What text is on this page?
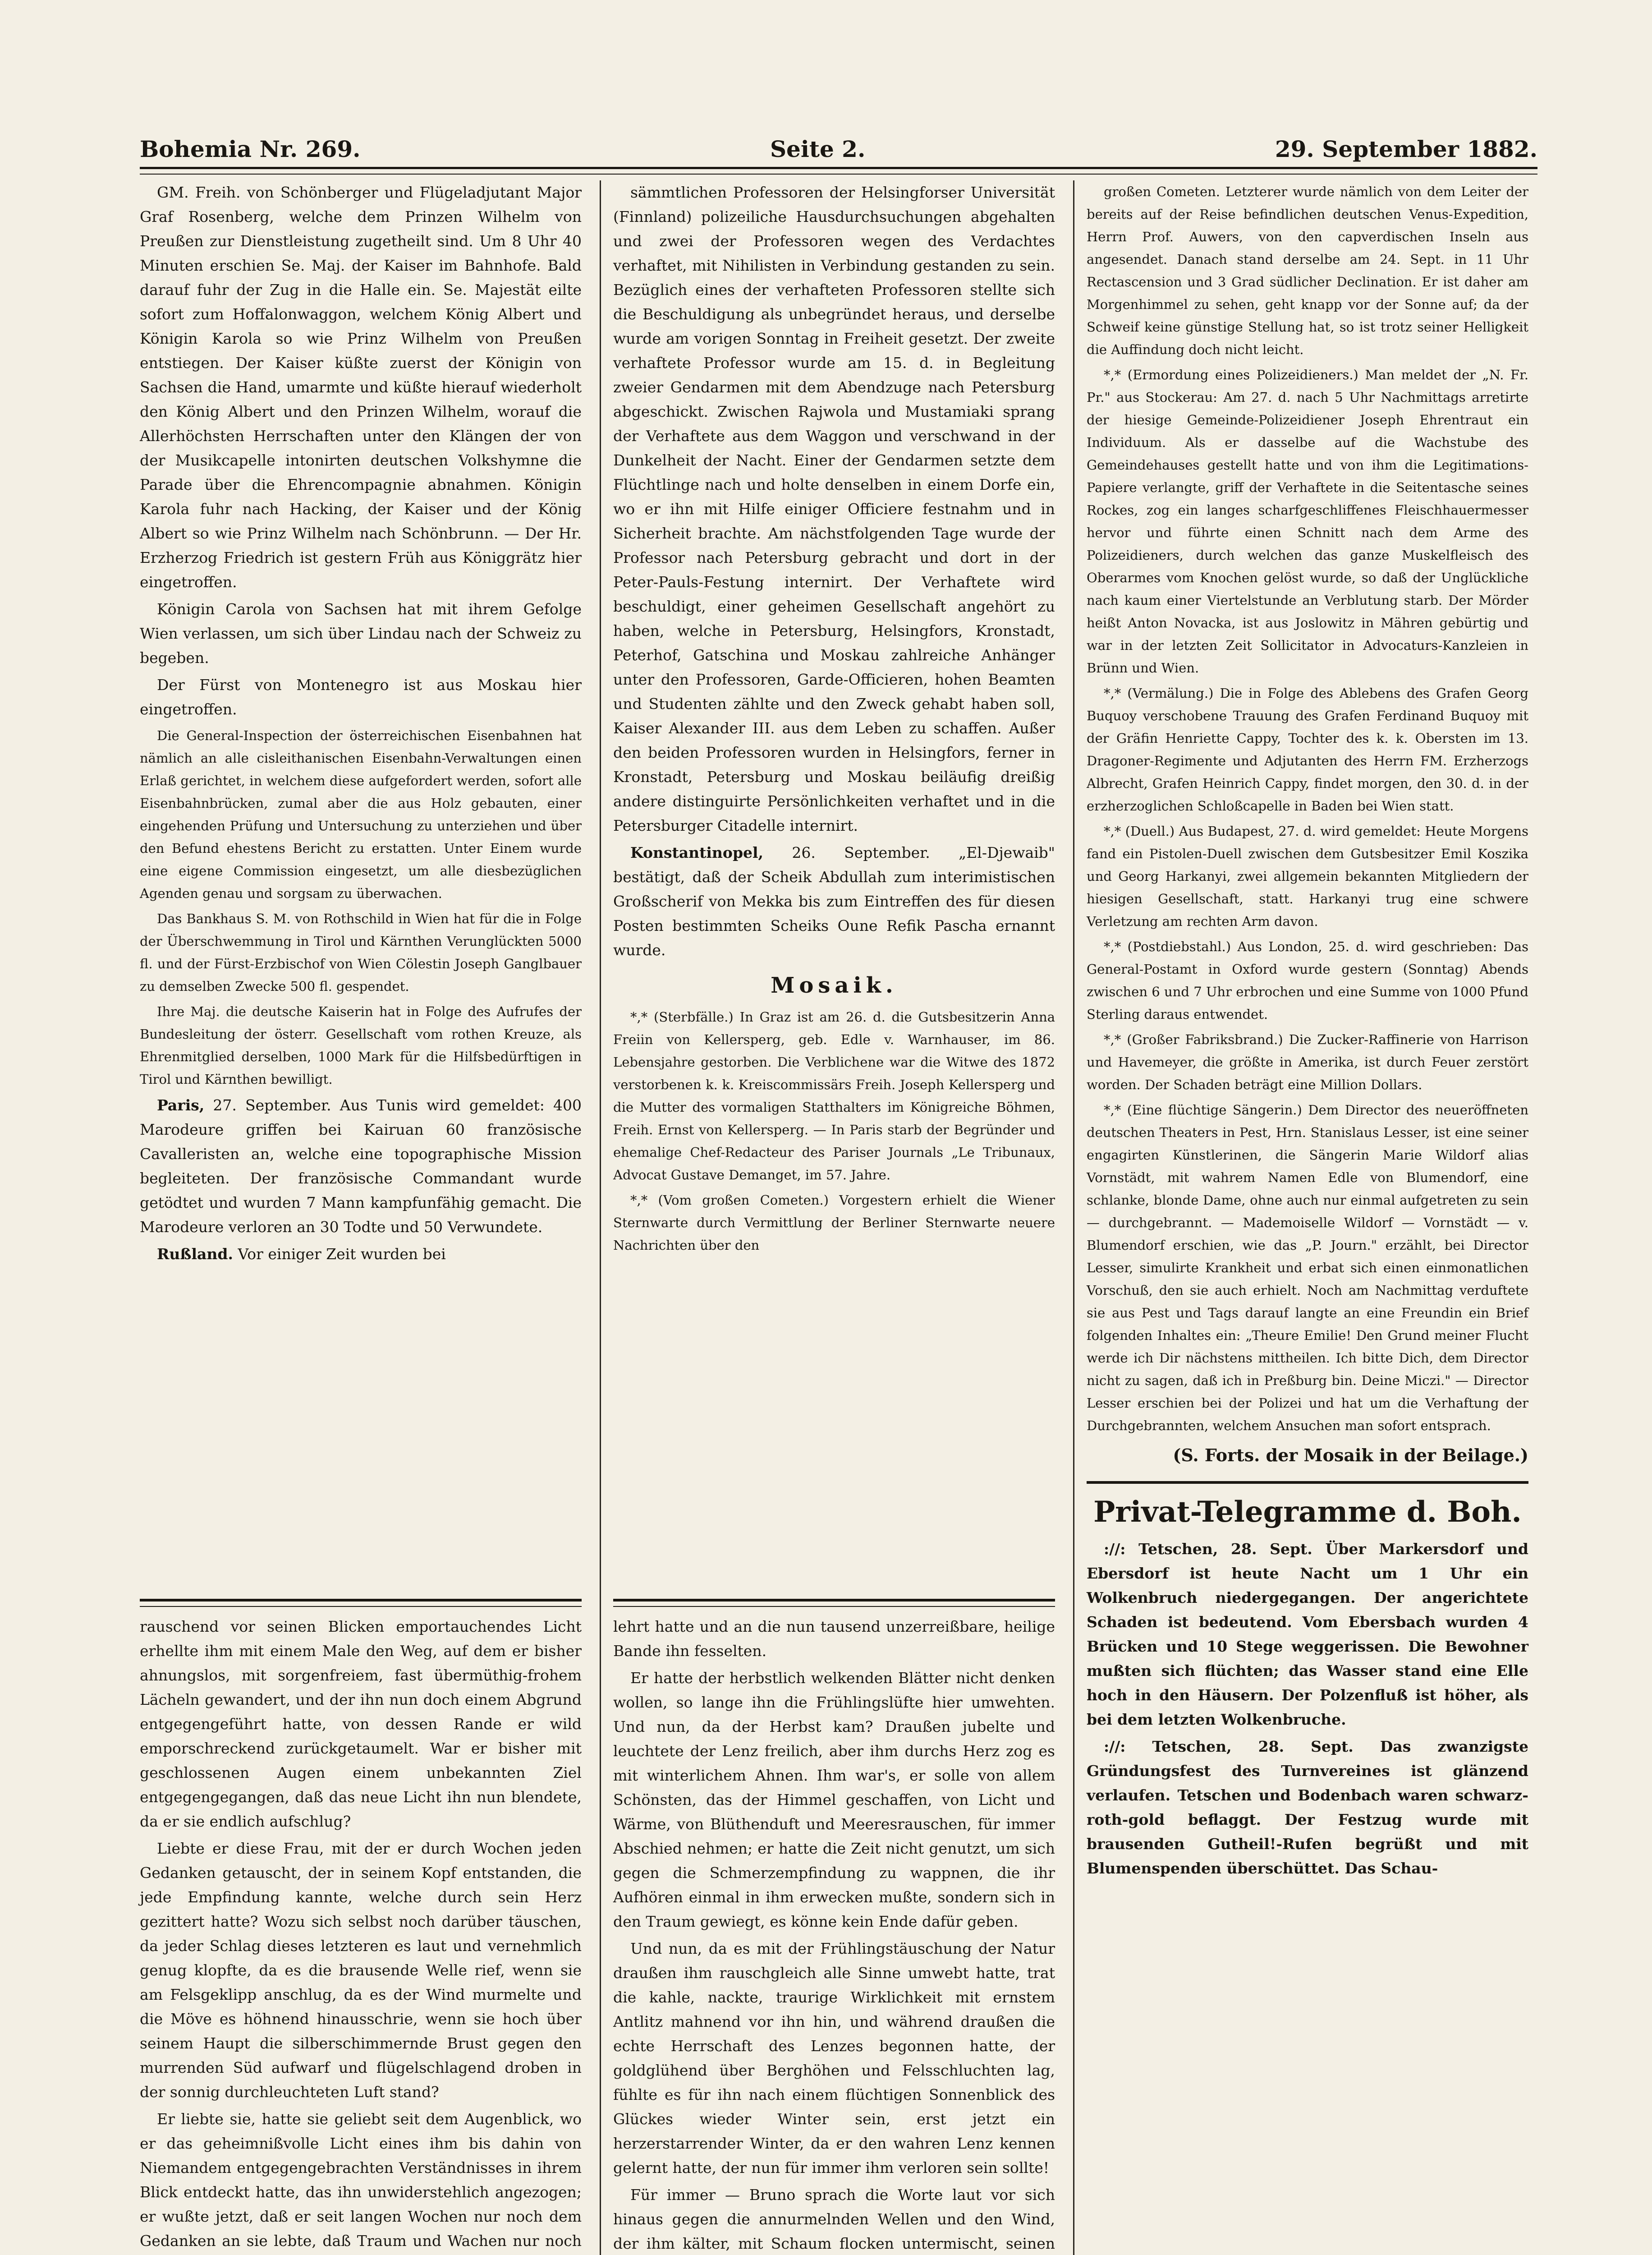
Bohemia Nr. 269.	Seite 2.	29. September 1882.

GM. Freih. von Schönberger und Flügeladjutant Major Graf Rosenberg, welche dem Prinzen Wilhelm von Preußen zur Dienstleistung zugetheilt sind. Um 8 Uhr 40 Minuten erschien Se. Maj. der Kaiser im Bahnhofe. Bald darauf fuhr der Zug in die Halle ein. Se. Majestät eilte sofort zum Hoffalonwaggon, welchem König Albert und Königin Karola so wie Prinz Wilhelm von Preußen entstiegen. Der Kaiser küßte zuerst der Königin von Sachsen die Hand, umarmte und küßte hierauf wiederholt den König Albert und den Prinzen Wilhelm, worauf die Allerhöchsten Herrschaften unter den Klängen der von der Musikcapelle intonirten deutschen Volkshymne die Parade über die Ehrencompagnie abnahmen. Königin Karola fuhr nach Hacking, der Kaiser und der König Albert so wie Prinz Wilhelm nach Schönbrunn. — Der Hr. Erzherzog Friedrich ist gestern Früh aus Königgrätz hier eingetroffen.

Königin Carola von Sachsen hat mit ihrem Gefolge Wien verlassen, um sich über Lindau nach der Schweiz zu begeben.

Der Fürst von Montenegro ist aus Moskau hier eingetroffen.

Die General-Inspection der österreichischen Eisenbahnen hat nämlich an alle cisleithanischen Eisenbahn-Verwaltungen einen Erlaß gerichtet, in welchem diese aufgefordert werden, sofort alle Eisenbahnbrücken, zumal aber die aus Holz gebauten, einer eingehenden Prüfung und Untersuchung zu unterziehen und über den Befund ehestens Bericht zu erstatten. Unter Einem wurde eine eigene Commission eingesetzt, um alle diesbezüglichen Agenden genau und sorgsam zu überwachen.

Das Bankhaus S. M. von Rothschild in Wien hat für die in Folge der Überschwemmung in Tirol und Kärnthen Verunglückten 5000 fl. und der Fürst-Erzbischof von Wien Cölestin Joseph Ganglbauer zu demselben Zwecke 500 fl. gespendet.

Ihre Maj. die deutsche Kaiserin hat in Folge des Aufrufes der Bundesleitung der österr. Gesellschaft vom rothen Kreuze, als Ehrenmitglied derselben, 1000 Mark für die Hilfsbedürftigen in Tirol und Kärnthen bewilligt.

Paris, 27. September. Aus Tunis wird gemeldet: 400 Marodeure griffen bei Kairuan 60 französische Cavalleristen an, welche eine topographische Mission begleiteten. Der französische Commandant wurde getödtet und wurden 7 Mann kampfunfähig gemacht. Die Marodeure verloren an 30 Todte und 50 Verwundete.

Rußland. Vor einiger Zeit wurden bei

sämmtlichen Professoren der Helsingforser Universität (Finnland) polizeiliche Hausdurchsuchungen abgehalten und zwei der Professoren wegen des Verdachtes verhaftet, mit Nihilisten in Verbindung gestanden zu sein. Bezüglich eines der verhafteten Professoren stellte sich die Beschuldigung als unbegründet heraus, und derselbe wurde am vorigen Sonntag in Freiheit gesetzt. Der zweite verhaftete Professor wurde am 15. d. in Begleitung zweier Gendarmen mit dem Abendzuge nach Petersburg abgeschickt. Zwischen Rajwola und Mustamiaki sprang der Verhaftete aus dem Waggon und verschwand in der Dunkelheit der Nacht. Einer der Gendarmen setzte dem Flüchtlinge nach und holte denselben in einem Dorfe ein, wo er ihn mit Hilfe einiger Officiere festnahm und in Sicherheit brachte. Am nächstfolgenden Tage wurde der Professor nach Petersburg gebracht und dort in der Peter-Pauls-Festung internirt. Der Verhaftete wird beschuldigt, einer geheimen Gesellschaft angehört zu haben, welche in Petersburg, Helsingfors, Kronstadt, Peterhof, Gatschina und Moskau zahlreiche Anhänger unter den Professoren, Garde-Officieren, hohen Beamten und Studenten zählte und den Zweck gehabt haben soll, Kaiser Alexander III. aus dem Leben zu schaffen. Außer den beiden Professoren wurden in Helsingfors, ferner in Kronstadt, Petersburg und Moskau beiläufig dreißig andere distinguirte Persönlichkeiten verhaftet und in die Petersburger Citadelle internirt.

Konstantinopel, 26. September. „El-Djewaib" bestätigt, daß der Scheik Abdullah zum interimistischen Großscherif von Mekka bis zum Eintreffen des für diesen Posten bestimmten Scheiks Oune Refik Pascha ernannt wurde.

Mosaik.

*,* (Sterbfälle.) In Graz ist am 26. d. die Gutsbesitzerin Anna Freiin von Kellersperg, geb. Edle v. Warnhauser, im 86. Lebensjahre gestorben. Die Verblichene war die Witwe des 1872 verstorbenen k. k. Kreiscommissärs Freih. Joseph Kellersperg und die Mutter des vormaligen Statthalters im Königreiche Böhmen, Freih. Ernst von Kellersperg. — In Paris starb der Begründer und ehemalige Chef-Redacteur des Pariser Journals „Le Tribunaux, Advocat Gustave Demanget, im 57. Jahre.

*,* (Vom großen Cometen.) Vorgestern erhielt die Wiener Sternwarte durch Vermittlung der Berliner Sternwarte neuere Nachrichten über den

großen Cometen. Letzterer wurde nämlich von dem Leiter der bereits auf der Reise befindlichen deutschen Venus-Expedition, Herrn Prof. Auwers, von den capverdischen Inseln aus angesendet. Danach stand derselbe am 24. Sept. in 11 Uhr Rectascension und 3 Grad südlicher Declination. Er ist daher am Morgenhimmel zu sehen, geht knapp vor der Sonne auf; da der Schweif keine günstige Stellung hat, so ist trotz seiner Helligkeit die Auffindung doch nicht leicht.

*,* (Ermordung eines Polizeidieners.) Man meldet der „N. Fr. Pr." aus Stockerau: Am 27. d. nach 5 Uhr Nachmittags arretirte der hiesige Gemeinde-Polizeidiener Joseph Ehrentraut ein Individuum. Als er dasselbe auf die Wachstube des Gemeindehauses gestellt hatte und von ihm die Legitimations-Papiere verlangte, griff der Verhaftete in die Seitentasche seines Rockes, zog ein langes scharfgeschliffenes Fleischhauermesser hervor und führte einen Schnitt nach dem Arme des Polizeidieners, durch welchen das ganze Muskelfleisch des Oberarmes vom Knochen gelöst wurde, so daß der Unglückliche nach kaum einer Viertelstunde an Verblutung starb. Der Mörder heißt Anton Novacka, ist aus Joslowitz in Mähren gebürtig und war in der letzten Zeit Sollicitator in Advocaturs-Kanzleien in Brünn und Wien.

*,* (Vermälung.) Die in Folge des Ablebens des Grafen Georg Buquoy verschobene Trauung des Grafen Ferdinand Buquoy mit der Gräfin Henriette Cappy, Tochter des k. k. Obersten im 13. Dragoner-Regimente und Adjutanten des Herrn FM. Erzherzogs Albrecht, Grafen Heinrich Cappy, findet morgen, den 30. d. in der erzherzoglichen Schloßcapelle in Baden bei Wien statt.

*,* (Duell.) Aus Budapest, 27. d. wird gemeldet: Heute Morgens fand ein Pistolen-Duell zwischen dem Gutsbesitzer Emil Koszika und Georg Harkanyi, zwei allgemein bekannten Mitgliedern der hiesigen Gesellschaft, statt. Harkanyi trug eine schwere Verletzung am rechten Arm davon.

*,* (Postdiebstahl.) Aus London, 25. d. wird geschrieben: Das General-Postamt in Oxford wurde gestern (Sonntag) Abends zwischen 6 und 7 Uhr erbrochen und eine Summe von 1000 Pfund Sterling daraus entwendet.

*,* (Großer Fabriksbrand.) Die Zucker-Raffinerie von Harrison und Havemeyer, die größte in Amerika, ist durch Feuer zerstört worden. Der Schaden beträgt eine Million Dollars.

*,* (Eine flüchtige Sängerin.) Dem Director des neueröffneten deutschen Theaters in Pest, Hrn. Stanislaus Lesser, ist eine seiner engagirten Künstlerinen, die Sängerin Marie Wildorf alias Vornstädt, mit wahrem Namen Edle von Blumendorf, eine schlanke, blonde Dame, ohne auch nur einmal aufgetreten zu sein — durchgebrannt. — Mademoiselle Wildorf — Vornstädt — v. Blumendorf erschien, wie das „P. Journ." erzählt, bei Director Lesser, simulirte Krankheit und erbat sich einen einmonatlichen Vorschuß, den sie auch erhielt. Noch am Nachmittag verduftete sie aus Pest und Tags darauf langte an eine Freundin ein Brief folgenden Inhaltes ein: „Theure Emilie! Den Grund meiner Flucht werde ich Dir nächstens mittheilen. Ich bitte Dich, dem Director nicht zu sagen, daß ich in Preßburg bin. Deine Miczi." — Director Lesser erschien bei der Polizei und hat um die Verhaftung der Durchgebrannten, welchem Ansuchen man sofort entsprach.

(S. Forts. der Mosaik in der Beilage.)
Privat-Telegramme d. Boh.

://: Tetschen, 28. Sept. Über Markersdorf und Ebersdorf ist heute Nacht um 1 Uhr ein Wolkenbruch niedergegangen. Der angerichtete Schaden ist bedeutend. Vom Ebersbach wurden 4 Brücken und 10 Stege weggerissen. Die Bewohner mußten sich flüchten; das Wasser stand eine Elle hoch in den Häusern. Der Polzenfluß ist höher, als bei dem letzten Wolkenbruche.

://: Tetschen, 28. Sept. Das zwanzigste Gründungsfest des Turnvereines ist glänzend verlaufen. Tetschen und Bodenbach waren schwarz-roth-gold beflaggt. Der Festzug wurde mit brausenden Gutheil!-Rufen begrüßt und mit Blumenspenden überschüttet. Das Schau-

rauschend vor seinen Blicken emportauchendes Licht erhellte ihm mit einem Male den Weg, auf dem er bisher ahnungslos, mit sorgenfreiem, fast übermüthig-frohem Lächeln gewandert, und der ihn nun doch einem Abgrund entgegengeführt hatte, von dessen Rande er wild emporschreckend zurückgetaumelt. War er bisher mit geschlossenen Augen einem unbekannten Ziel entgegengegangen, daß das neue Licht ihn nun blendete, da er sie endlich aufschlug?

Liebte er diese Frau, mit der er durch Wochen jeden Gedanken getauscht, der in seinem Kopf entstanden, die jede Empfindung kannte, welche durch sein Herz gezittert hatte? Wozu sich selbst noch darüber täuschen, da jeder Schlag dieses letzteren es laut und vernehmlich genug klopfte, da es die brausende Welle rief, wenn sie am Felsgeklipp anschlug, da es der Wind murmelte und die Möve es höhnend hinausschrie, wenn sie hoch über seinem Haupt die silberschimmernde Brust gegen den murrenden Süd aufwarf und flügelschlagend droben in der sonnig durchleuchteten Luft stand?

Er liebte sie, hatte sie geliebt seit dem Augenblick, wo er das geheimnißvolle Licht eines ihm bis dahin von Niemandem entgegengebrachten Verständnisses in ihrem Blick entdeckt hatte, das ihn unwiderstehlich angezogen; er wußte jetzt, daß er seit langen Wochen nur noch dem Gedanken an sie lebte, daß Traum und Wachen nur noch

lehrt hatte und an die nun tausend unzerreißbare, heilige Bande ihn fesselten.

Er hatte der herbstlich welkenden Blätter nicht denken wollen, so lange ihn die Frühlingslüfte hier umwehten. Und nun, da der Herbst kam? Draußen jubelte und leuchtete der Lenz freilich, aber ihm durchs Herz zog es mit winterlichem Ahnen. Ihm war's, er solle von allem Schönsten, das der Himmel geschaffen, von Licht und Wärme, von Blüthenduft und Meeresrauschen, für immer Abschied nehmen; er hatte die Zeit nicht genutzt, um sich gegen die Schmerzempfindung zu wappnen, die ihr Aufhören einmal in ihm erwecken mußte, sondern sich in den Traum gewiegt, es könne kein Ende dafür geben.

Und nun, da es mit der Frühlingstäuschung der Natur draußen ihm rauschgleich alle Sinne umwebt hatte, trat die kahle, nackte, traurige Wirklichkeit mit ernstem Antlitz mahnend vor ihn hin, und während draußen die echte Herrschaft des Lenzes begonnen hatte, der goldglühend über Berghöhen und Felsschluchten lag, fühlte es für ihn nach einem flüchtigen Sonnenblick des Glückes wieder Winter sein, erst jetzt ein herzerstarrender Winter, da er den wahren Lenz kennen gelernt hatte, der nun für immer ihm verloren sein sollte!

Für immer — Bruno sprach die Worte laut vor sich hinaus gegen die annurmelnden Wellen und den Wind, der ihm kälter, mit Schaum flocken untermischt, seinen
